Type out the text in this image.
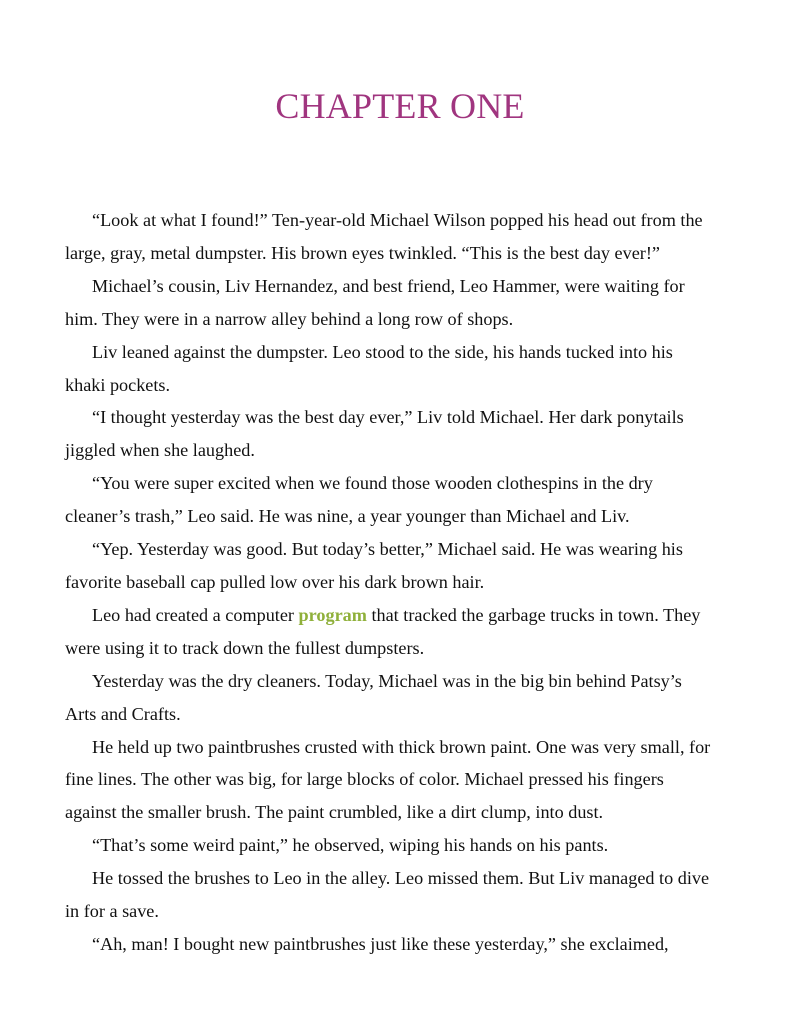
CHAPTER ONE

“Look at what I found!” Ten-year-old Michael Wilson popped his head out from the
large, gray, metal dumpster. His brown eyes twinkled. “This is the best day ever!”

Michael’s cousin, Liv Hernandez, and best friend, Leo Hammer, were waiting for
him. They were in a narrow alley behind a long row of shops.

Liv leaned against the dumpster. Leo stood to the side, his hands tucked into his
khaki pockets.

“I thought yesterday was the best day ever,” Liv told Michael. Her dark ponytails
jiggled when she laughed.

“You were super excited when we found those wooden clothespins in the dry
cleaner’s trash,” Leo said. He was nine, a year younger than Michael and Liv.

“Yep. Yesterday was good. But today’s better,” Michael said. He was wearing his
favorite baseball cap pulled low over his dark brown hair.

Leo had created a computer program that tracked the garbage trucks in town. They
were using it to track down the fullest dumpsters.

Yesterday was the dry cleaners. Today, Michael was in the big bin behind Patsy’s
Arts and Crafts.

He held up two paintbrushes crusted with thick brown paint. One was very small, for
fine lines. The other was big, for large blocks of color. Michael pressed his fingers
against the smaller brush. The paint crumbled, like a dirt clump, into dust.

“That’s some weird paint,” he observed, wiping his hands on his pants.

He tossed the brushes to Leo in the alley. Leo missed them. But Liv managed to dive
in for a save.

“Ah, man! I bought new paintbrushes just like these yesterday,” she exclaimed,
